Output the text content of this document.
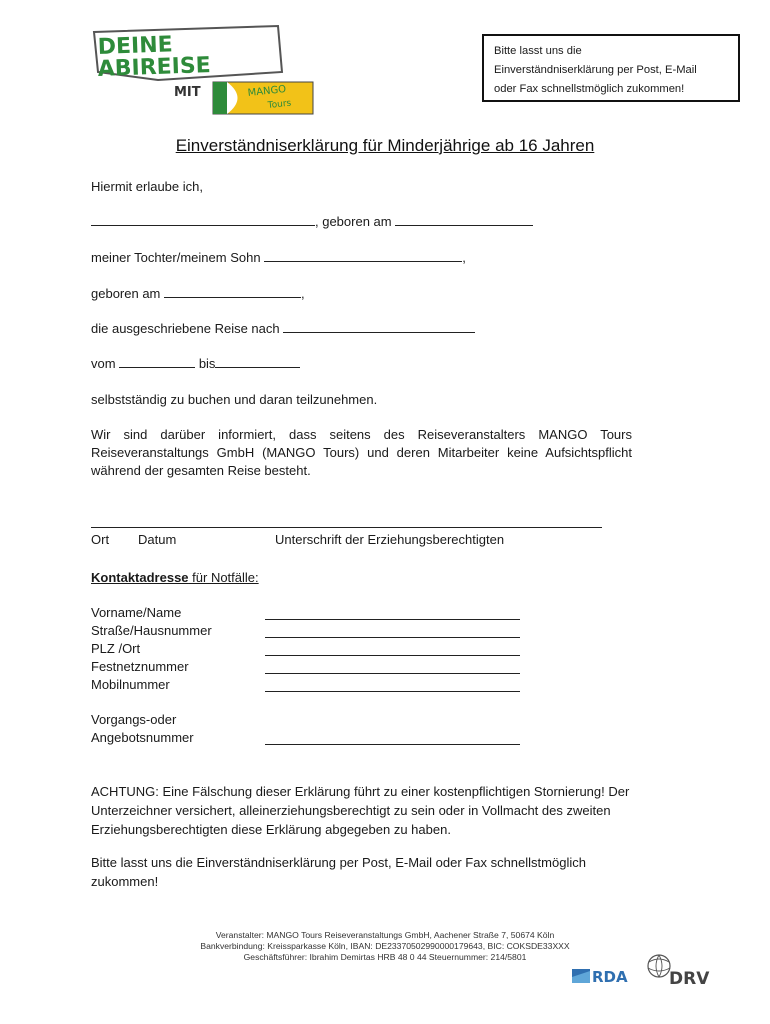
DEINE
ABIREISE
MIT	MANGO
Tours
Bitte lasst uns die
Einverständniserklärung per Post, E-Mail
oder Fax schnellstmöglich zukommen!
Einverständniserklärung für Minderjährige ab 16 Jahren
Hiermit erlaube ich,
, geboren am
meiner Tochter/meinem Sohn	,
geboren am	,
die ausgeschriebene Reise nach
vom	bis
selbstständig zu buchen und daran teilzunehmen.
Wir sind darüber informiert, dass seitens des Reiseveranstalters MANGO Tours Reiseveranstaltungs GmbH (MANGO Tours) und deren Mitarbeiter keine Aufsichtspflicht während der gesamten Reise besteht.
Ort Datum	Unterschrift der Erziehungsberechtigten
Kontaktadresse für Notfälle:
Vorname/Name
Straße/Hausnummer
PLZ /Ort
Festnetznummer
Mobilnummer
Vorgangs-oder
Angebotsnummer
ACHTUNG: Eine Fälschung dieser Erklärung führt zu einer kostenpflichtigen Stornierung! Der Unterzeichner versichert, alleinerziehungsberechtigt zu sein oder in Vollmacht des zweiten Erziehungsberechtigten diese Erklärung abgegeben zu haben.
Bitte lasst uns die Einverständniserklärung per Post, E-Mail oder Fax schnellstmöglich zukommen!
Veranstalter: MANGO Tours Reiseveranstaltungs GmbH, Aachener Straße 7, 50674 Köln
Bankverbindung: Kreissparkasse Köln, IBAN: DE23370502990000179643, BIC: COKSDE33XXX
Geschäftsführer: Ibrahim Demirtas HRB 48 0 44 Steuernummer: 214/5801
RDA DRV
